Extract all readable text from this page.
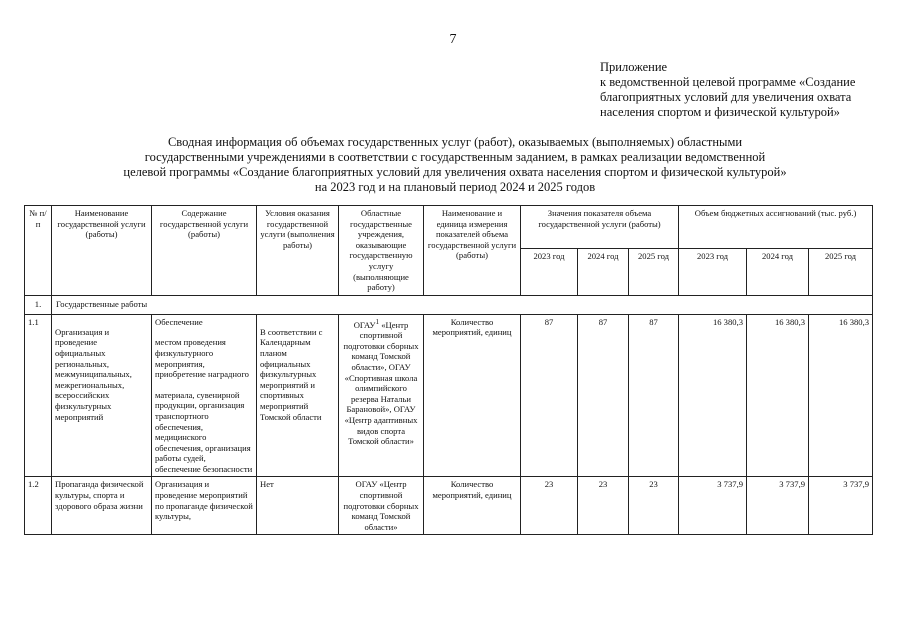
7
Приложение
к ведомственной целевой программе «Создание
благоприятных условий для увеличения охвата
населения спортом и физической культурой»
Сводная информация об объемах государственных услуг (работ), оказываемых (выполняемых) областными
государственными учреждениями в соответствии с государственным заданием, в рамках реализации ведомственной
целевой программы «Создание благоприятных условий для увеличения охвата населения спортом и физической культурой»
на 2023 год и на плановый период 2024 и 2025 годов
№ п/п	Наименование государственной услуги (работы)	Содержание государственной услуги (работы)	Условия оказания государственной услуги (выполнения работы)	Областные государственные учреждения, оказывающие государственную услугу (выполняющие работу)	Наименование и единица измерения показателей объема государственной услуги (работы)	Значения показателя объема государственной услуги (работы)			Объем бюджетных ассигнований (тыс. руб.)		
						2023 год	2024 год	2025 год	2023 год	2024 год	2025 год
1.	Государственные работы										
1.1	Организация и проведение официальных региональных, межмуниципальных, межрегиональных, всероссийских физкультурных мероприятий	Обеспечение
местом проведения физкультурного мероприятия, приобретение наградного
материала, сувенирной продукции, организация транспортного обеспечения, медицинского обеспечения, организация работы судей, обеспечение безопасности	В соответствии с Календарным планом официальных физкультурных мероприятий и спортивных мероприятий Томской области	ОГАУ$^1$ «Центр спортивной подготовки сборных команд Томской области», ОГАУ «Спортивная школа олимпийского резерва Натальи Барановой», ОГАУ «Центр адаптивных видов спорта Томской области»	Количество мероприятий, единиц	87	87	87	16 380,3	16 380,3	16 380,3
1.2	Пропаганда физической культуры, спорта и здорового образа жизни	Организация и проведение мероприятий по пропаганде физической культуры,	Нет	ОГАУ «Центр спортивной подготовки сборных команд Томской области»	Количество мероприятий, единиц	23	23	23	3 737,9	3 737,9	3 737,9
